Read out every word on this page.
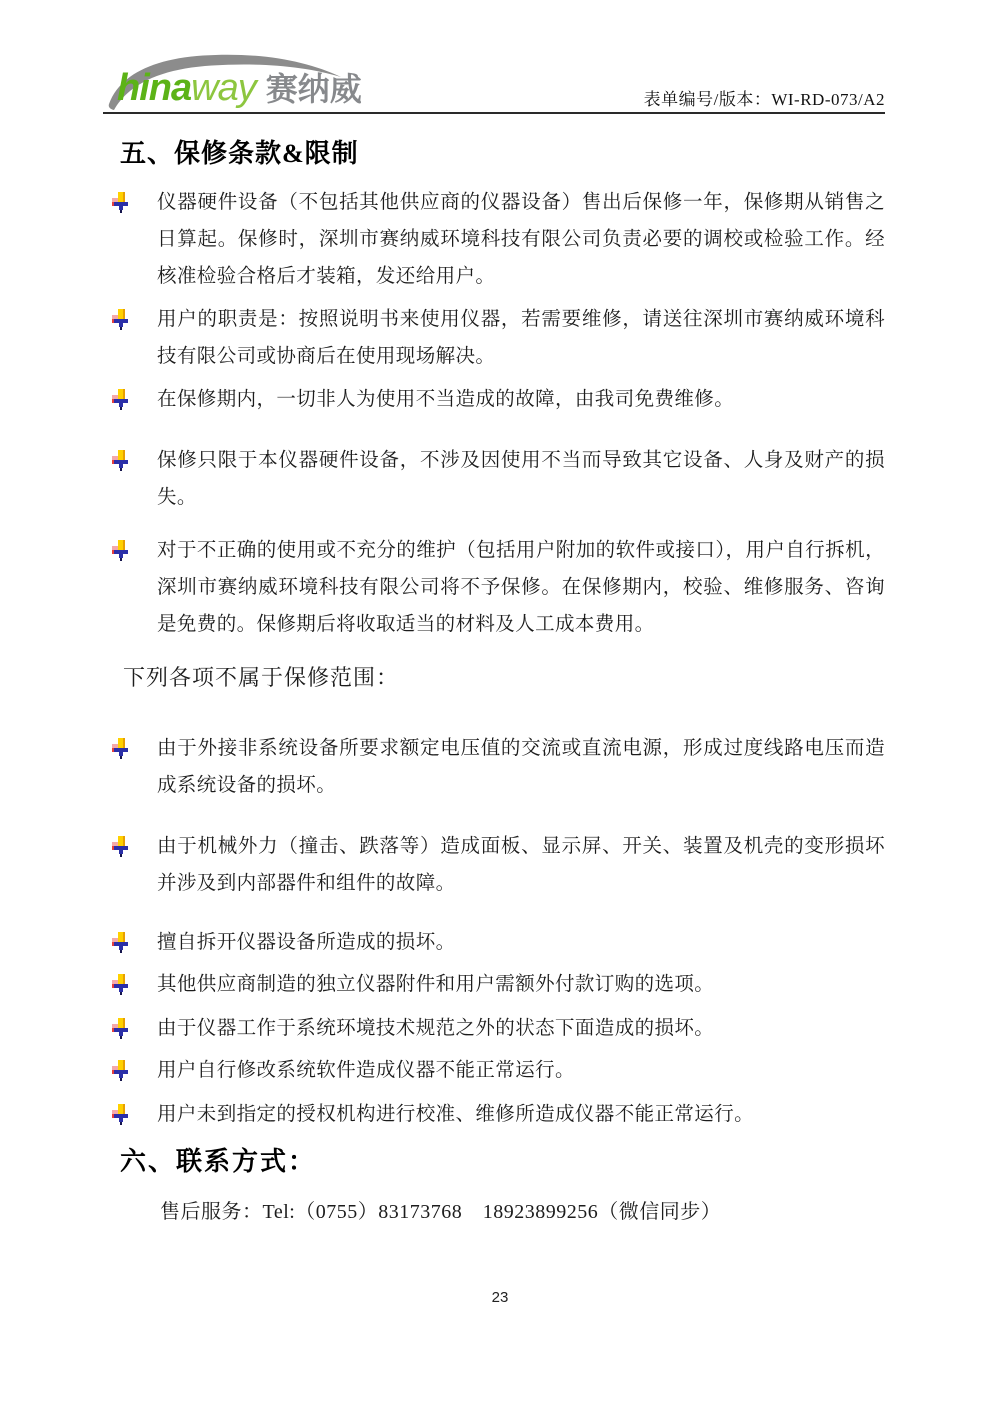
hinaway 赛纳威	表单编号/版本：WI-RD-073/A2
五、保修条款&限制
仪器硬件设备（不包括其他供应商的仪器设备）售出后保修一年，保修期从销售之日算起。保修时，深圳市赛纳威环境科技有限公司负责必要的调校或检验工作。经核准检验合格后才装箱，发还给用户。
用户的职责是：按照说明书来使用仪器，若需要维修，请送往深圳市赛纳威环境科技有限公司或协商后在使用现场解决。
在保修期内，一切非人为使用不当造成的故障，由我司免费维修。
保修只限于本仪器硬件设备，不涉及因使用不当而导致其它设备、人身及财产的损失。
对于不正确的使用或不充分的维护（包括用户附加的软件或接口），用户自行拆机，深圳市赛纳威环境科技有限公司将不予保修。在保修期内，校验、维修服务、咨询是免费的。保修期后将收取适当的材料及人工成本费用。
下列各项不属于保修范围：
由于外接非系统设备所要求额定电压值的交流或直流电源，形成过度线路电压而造成系统设备的损坏。
由于机械外力（撞击、跌落等）造成面板、显示屏、开关、装置及机壳的变形损坏并涉及到内部器件和组件的故障。
擅自拆开仪器设备所造成的损坏。
其他供应商制造的独立仪器附件和用户需额外付款订购的选项。
由于仪器工作于系统环境技术规范之外的状态下面造成的损坏。
用户自行修改系统软件造成仪器不能正常运行。
用户未到指定的授权机构进行校准、维修所造成仪器不能正常运行。
六、联系方式：

售后服务：Tel:（0755）83173768　18923899256（微信同步）

23
